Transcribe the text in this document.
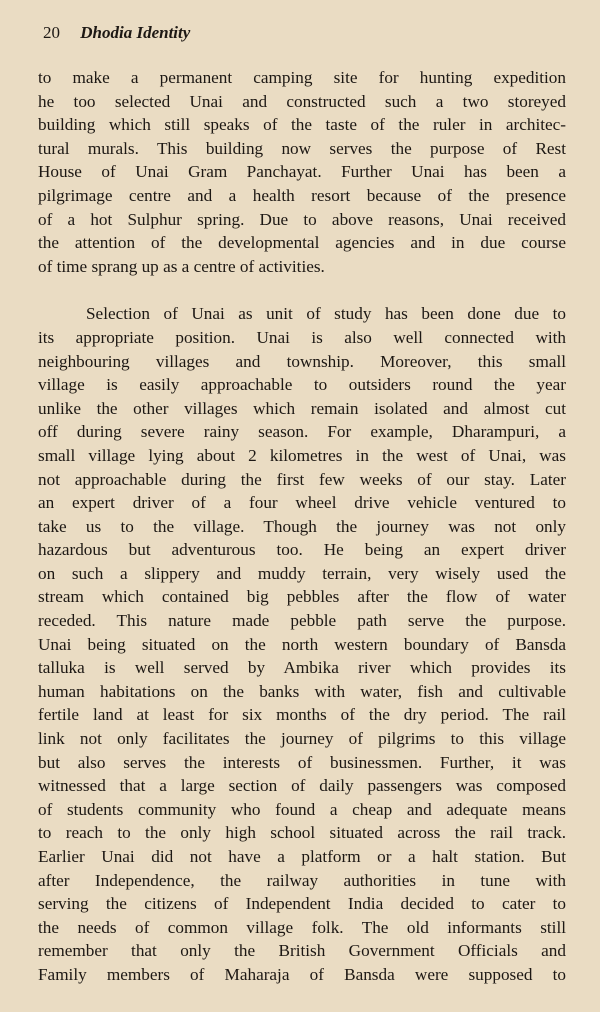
20 Dhodia Identity
to make a permanent camping site for hunting expedition
he too selected Unai and constructed such a two storeyed
building which still speaks of the taste of the ruler in architec-
tural murals. This building now serves the purpose of Rest
House of Unai Gram Panchayat. Further Unai has been a
pilgrimage centre and a health resort because of the presence
of a hot Sulphur spring. Due to above reasons, Unai received
the attention of the developmental agencies and in due course
of time sprang up as a centre of activities.
Selection of Unai as unit of study has been done due to
its appropriate position. Unai is also well connected with
neighbouring villages and township. Moreover, this small
village is easily approachable to outsiders round the year
unlike the other villages which remain isolated and almost cut
off during severe rainy season. For example, Dharampuri, a
small village lying about 2 kilometres in the west of Unai, was
not approachable during the first few weeks of our stay. Later
an expert driver of a four wheel drive vehicle ventured to
take us to the village. Though the journey was not only
hazardous but adventurous too. He being an expert driver
on such a slippery and muddy terrain, very wisely used the
stream which contained big pebbles after the flow of water
receded. This nature made pebble path serve the purpose.
Unai being situated on the north western boundary of Bansda
talluka is well served by Ambika river which provides its
human habitations on the banks with water, fish and cultivable
fertile land at least for six months of the dry period. The rail
link not only facilitates the journey of pilgrims to this village
but also serves the interests of businessmen. Further, it was
witnessed that a large section of daily passengers was composed
of students community who found a cheap and adequate means
to reach to the only high school situated across the rail track.
Earlier Unai did not have a platform or a halt station. But
after Independence, the railway authorities in tune with
serving the citizens of Independent India decided to cater to
the needs of common village folk. The old informants still
remember that only the British Government Officials and
Family members of Maharaja of Bansda were supposed to
